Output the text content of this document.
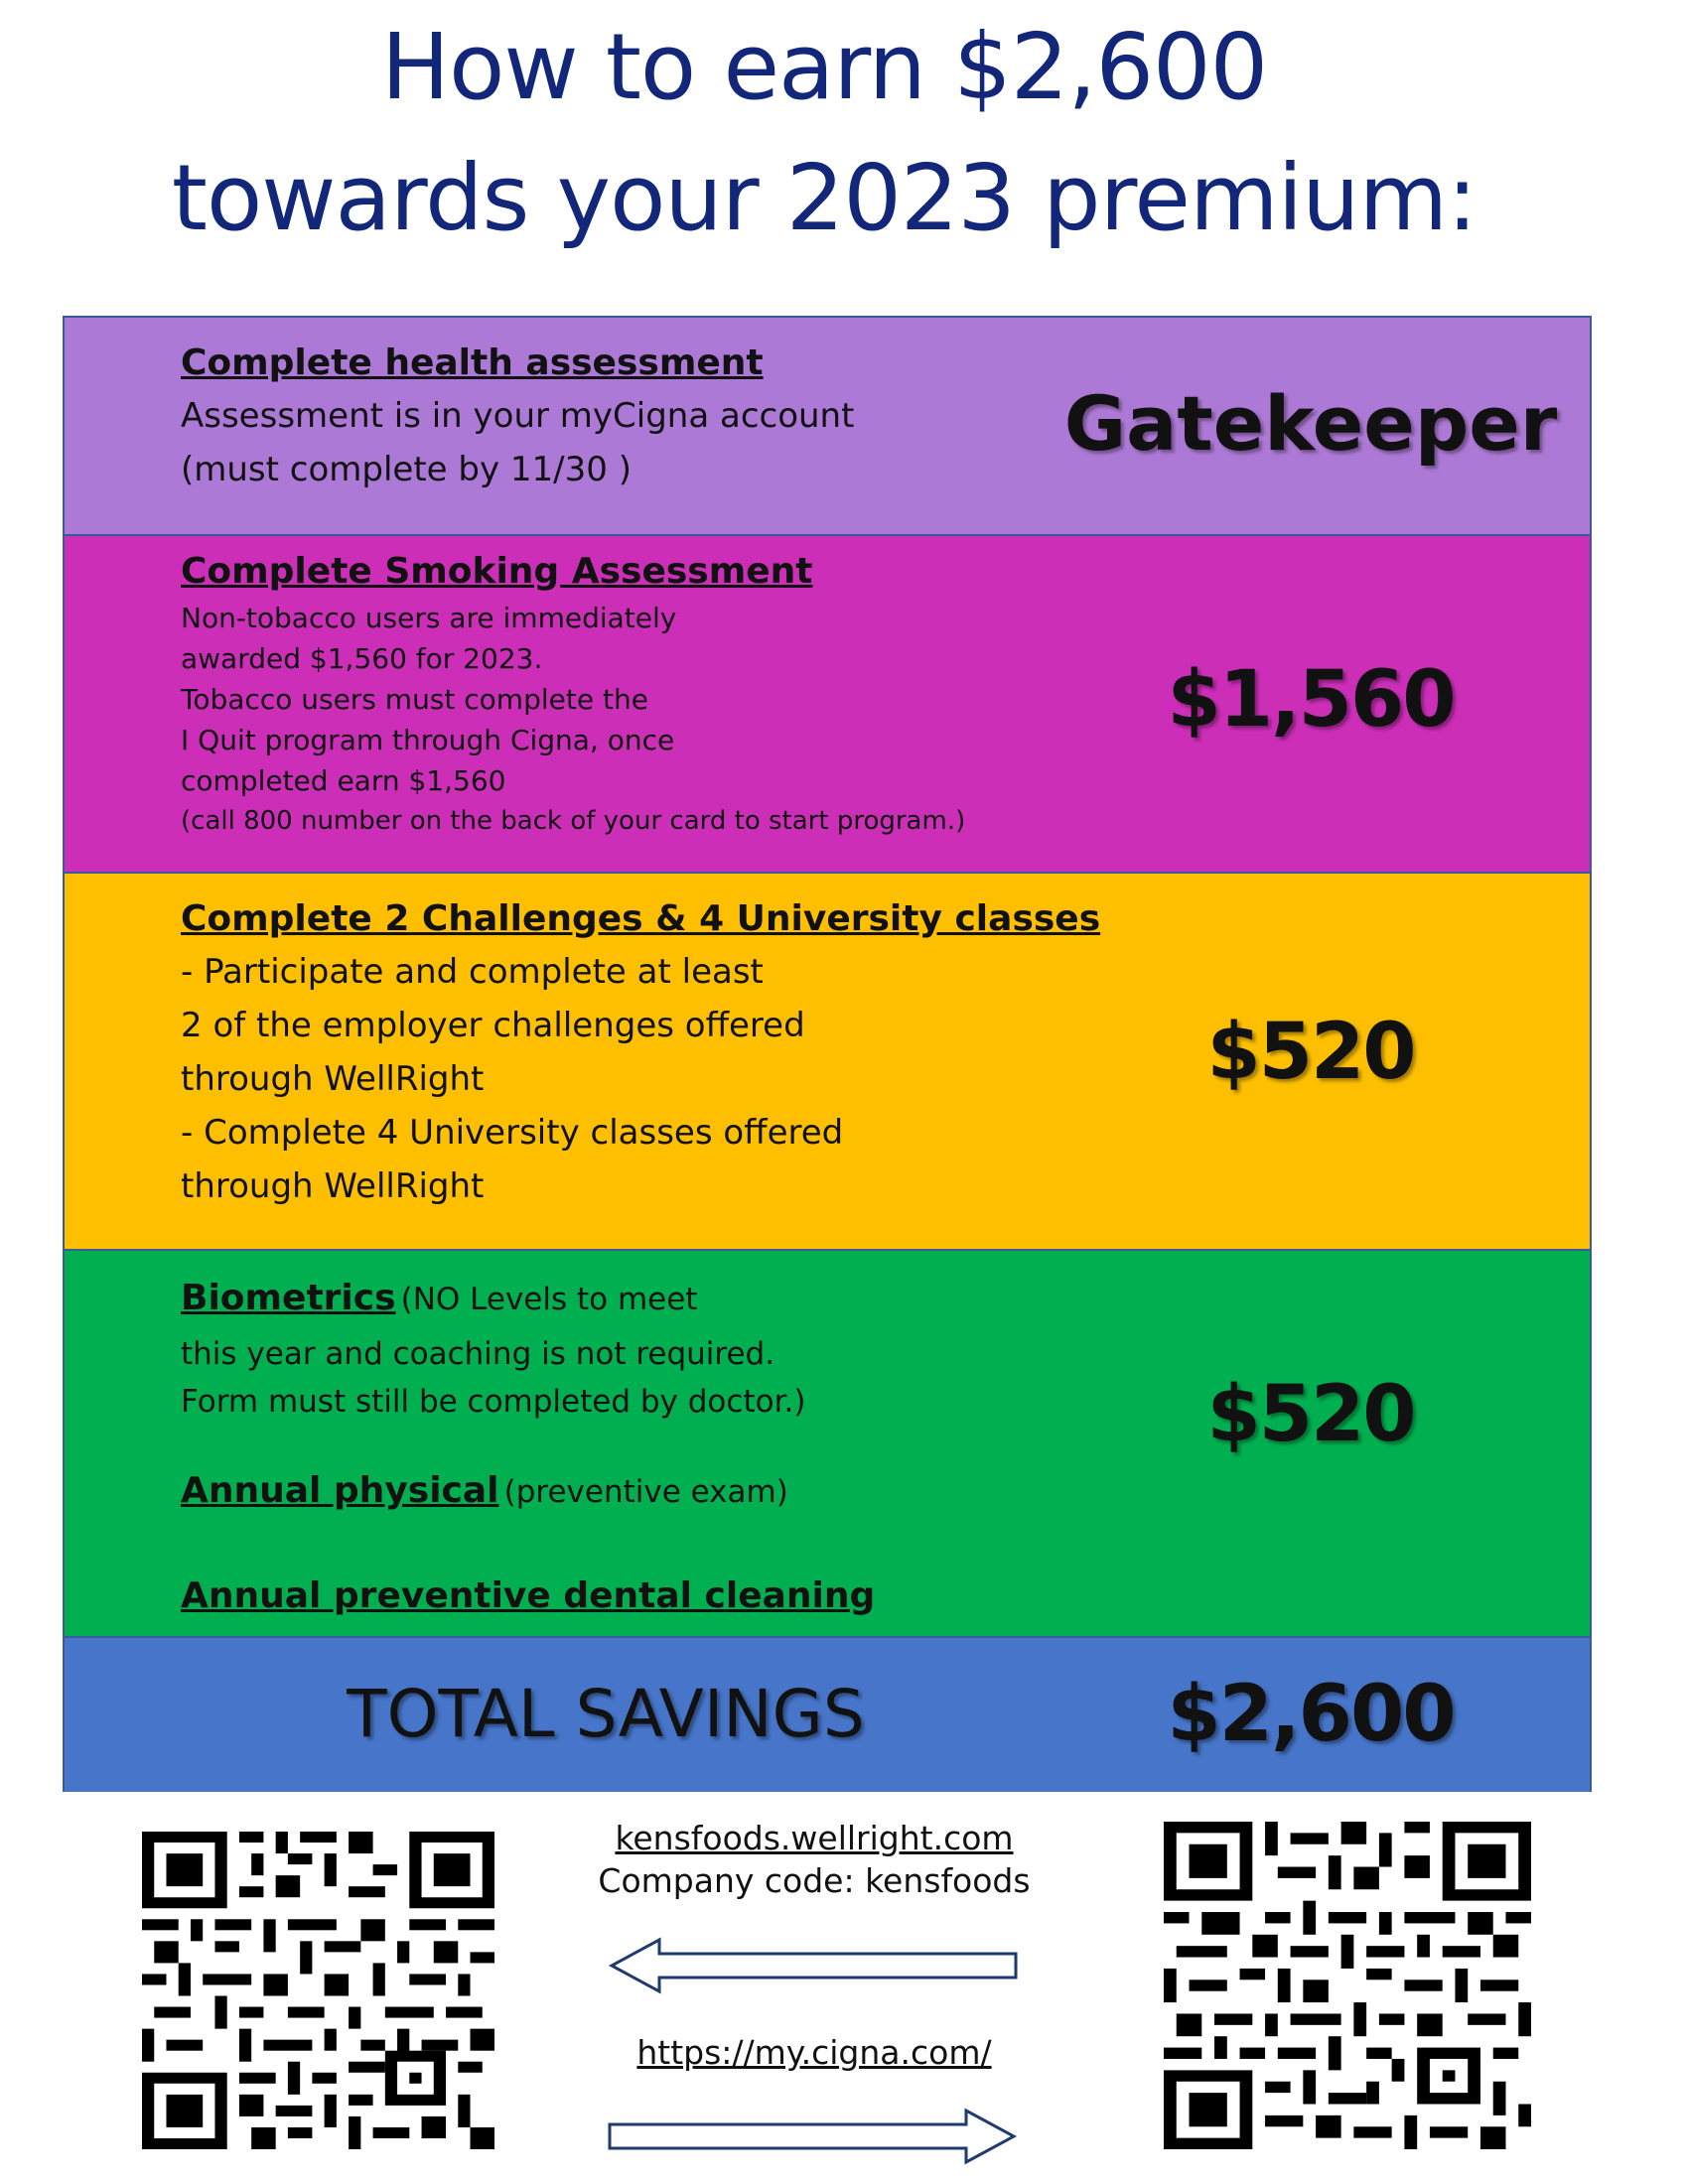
How to earn $2,600
towards your 2023 premium:
Complete health assessment
Assessment is in your myCigna account
(must complete by 11/30 )
Gatekeeper
Complete Smoking Assessment
Non-tobacco users are immediately
awarded $1,560 for 2023.
Tobacco users must complete the
I Quit program through Cigna, once
completed earn $1,560
(call 800 number on the back of your card to start program.)
$1,560
Complete 2 Challenges & 4 University classes
- Participate and complete at least
2 of the employer challenges offered
through WellRight
- Complete 4 University classes offered
through WellRight
$520
Biometrics (NO Levels to meet
this year and coaching is not required.
Form must still be completed by doctor.)
Annual physical (preventive exam)
Annual preventive dental cleaning
$520
TOTAL SAVINGS	$2,600
kensfoods.wellright.com
Company code: kensfoods
https://my.cigna.com/
